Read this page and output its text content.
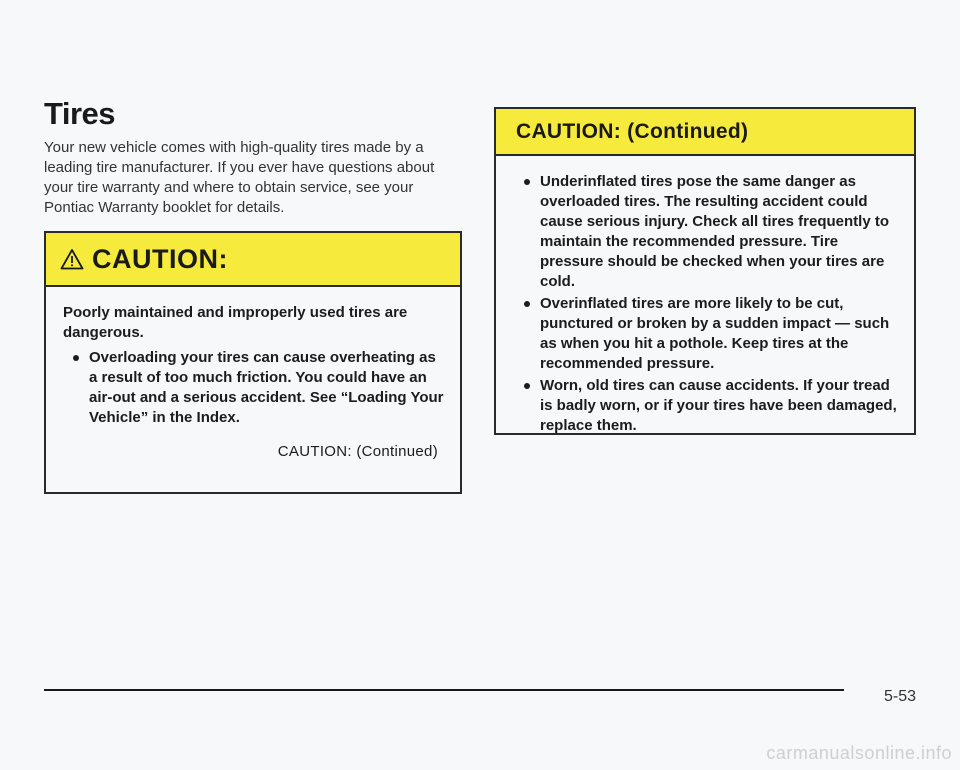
Tires

Your new vehicle comes with high-quality tires made by a leading tire manufacturer. If you ever have questions about your tire warranty and where to obtain service, see your Pontiac Warranty booklet for details.

CAUTION:

Poorly maintained and improperly used tires are dangerous.

Overloading your tires can cause overheating as a result of too much friction. You could have an air-out and a serious accident. See “Loading Your Vehicle” in the Index.
CAUTION: (Continued)
CAUTION: (Continued)
Underinflated tires pose the same danger as overloaded tires. The resulting accident could cause serious injury. Check all tires frequently to maintain the recommended pressure. Tire pressure should be checked when your tires are cold.
Overinflated tires are more likely to be cut, punctured or broken by a sudden impact — such as when you hit a pothole. Keep tires at the recommended pressure.
Worn, old tires can cause accidents. If your tread is badly worn, or if your tires have been damaged, replace them.
5-53
carmanualsonline.info
